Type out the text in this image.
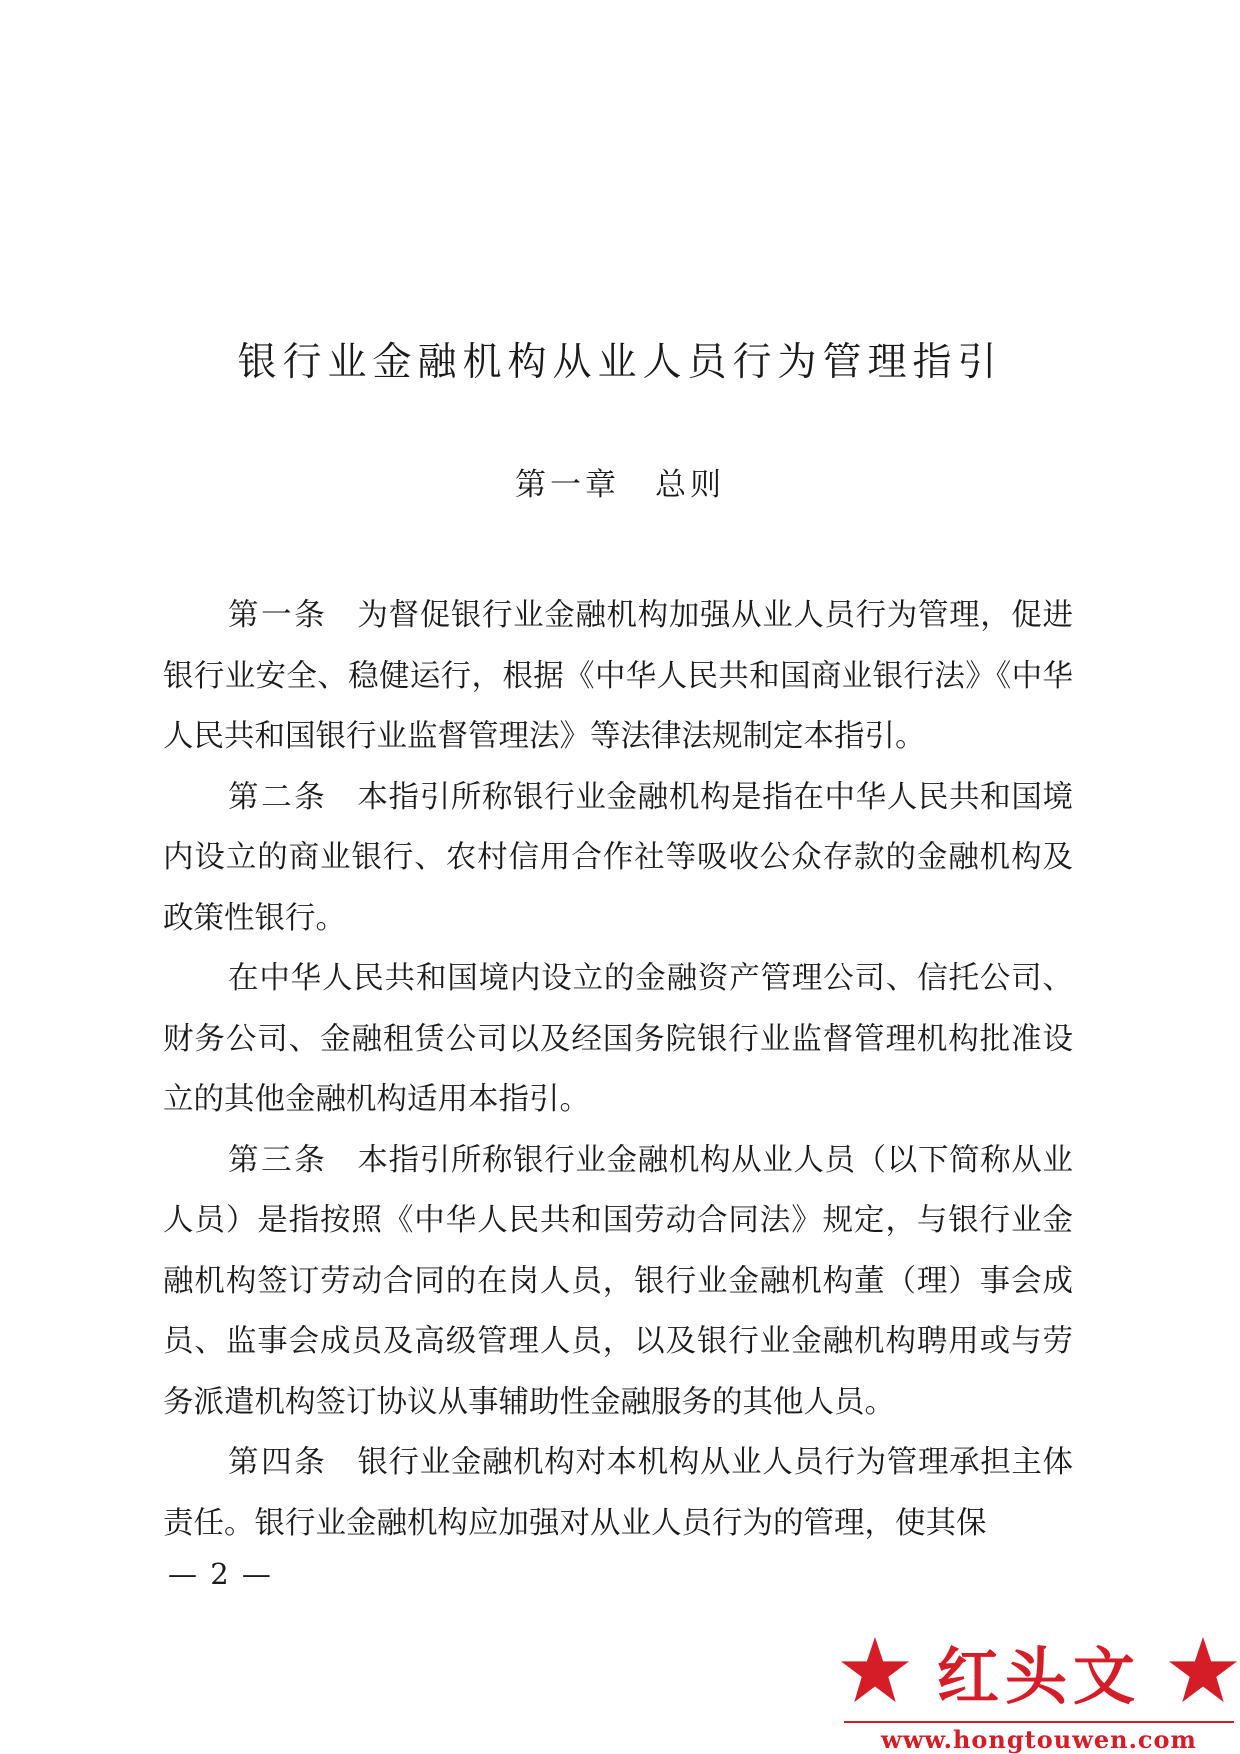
银行业金融机构从业人员行为管理指引
第一章　总则

第一条 为督促银行业金融机构加强从业人员行为管理，促进银行业安全、稳健运行，根据《中华人民共和国商业银行法》《中华人民共和国银行业监督管理法》等法律法规制定本指引。

第二条 本指引所称银行业金融机构是指在中华人民共和国境内设立的商业银行、农村信用合作社等吸收公众存款的金融机构及政策性银行。

在中华人民共和国境内设立的金融资产管理公司、信托公司、财务公司、金融租赁公司以及经国务院银行业监督管理机构批准设立的其他金融机构适用本指引。

第三条 本指引所称银行业金融机构从业人员（以下简称从业人员）是指按照《中华人民共和国劳动合同法》规定，与银行业金融机构签订劳动合同的在岗人员，银行业金融机构董（理）事会成员、监事会成员及高级管理人员，以及银行业金融机构聘用或与劳务派遣机构签订协议从事辅助性金融服务的其他人员。

第四条 银行业金融机构对本机构从业人员行为管理承担主体责任。银行业金融机构应加强对从业人员行为的管理，使其保

— 2 —
红头文
www.hongtouwen.com
